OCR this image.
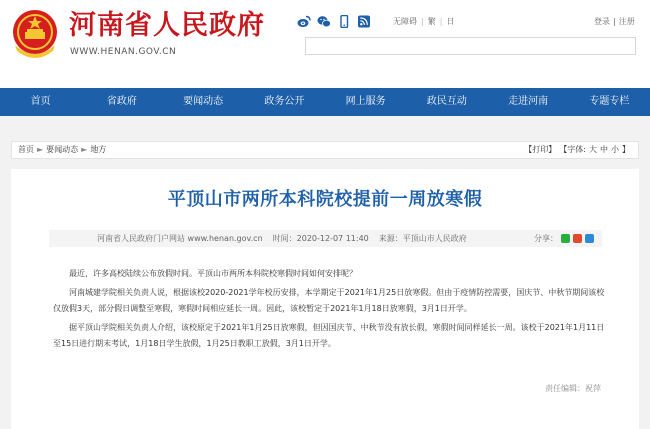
河南省人民政府
WWW.HENAN.GOV.CN
无障碍 | 繁 | 日	登录 | 注册
首页	省政府	要闻动态	政务公开	网上服务	政民互动	走进河南	专题专栏
首页 ► 要闻动态 ► 地方	【打印】 【字体: 大 中 小 】
平顶山市两所本科院校提前一周放寒假
河南省人民政府门户网站 www.henan.gov.cn 时间：2020-12-07 11:40 来源：平顶山市人民政府	分享：

最近，许多高校陆续公布放假时间。平顶山市两所本科院校寒假时间如何安排呢？

河南城建学院相关负责人说，根据该校2020-2021学年校历安排，本学期定于2021年1月25日放寒假。但由于疫情防控需要，国庆节、中秋节期间该校仅放假3天，部分假日调整至寒假，寒假时间相应延长一周。因此，该校暂定于2021年1月18日放寒假，3月1日开学。

据平顶山学院相关负责人介绍，该校原定于2021年1月25日放寒假，但因国庆节、中秋节没有放长假，寒假时间同样延长一周。该校于2021年1月11日至15日进行期末考试，1月18日学生放假，1月25日教职工放假，3月1日开学。

责任编辑：祝萍
